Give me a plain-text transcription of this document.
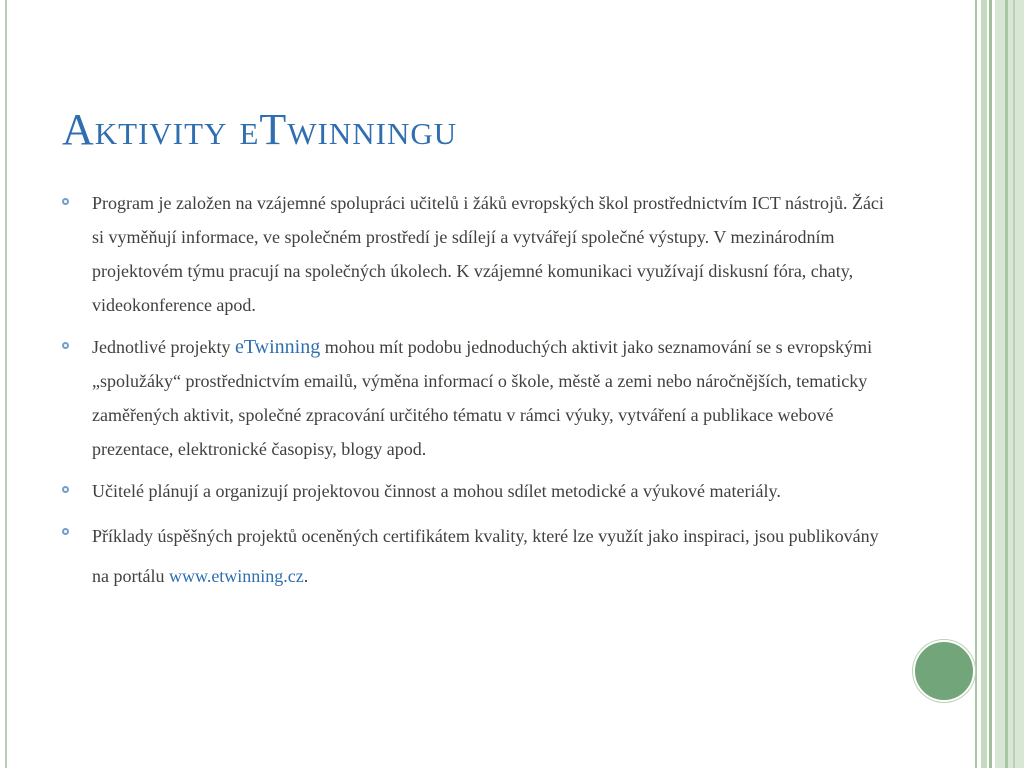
Aktivity eTwinningu

Program je založen na vzájemné spolupráci učitelů i žáků evropských škol prostřednictvím ICT nástrojů. Žáci si vyměňují informace, ve společném prostředí je sdílejí a vytvářejí společné výstupy. V mezinárodním projektovém týmu pracují na společných úkolech. K vzájemné komunikaci využívají diskusní fóra, chaty, videokonference apod.

Jednotlivé projekty eTwinning mohou mít podobu jednoduchých aktivit jako seznamování se s evropskými „spolužáky“ prostřednictvím emailů, výměna informací o škole, městě a zemi nebo náročnějších, tematicky zaměřených aktivit, společné zpracování určitého tématu v rámci výuky, vytváření a publikace webové prezentace, elektronické časopisy, blogy apod.

Učitelé plánují a organizují projektovou činnost a mohou sdílet metodické a výukové materiály.

Příklady úspěšných projektů oceněných certifikátem kvality, které lze využít jako inspiraci, jsou publikovány na portálu www.etwinning.cz.
